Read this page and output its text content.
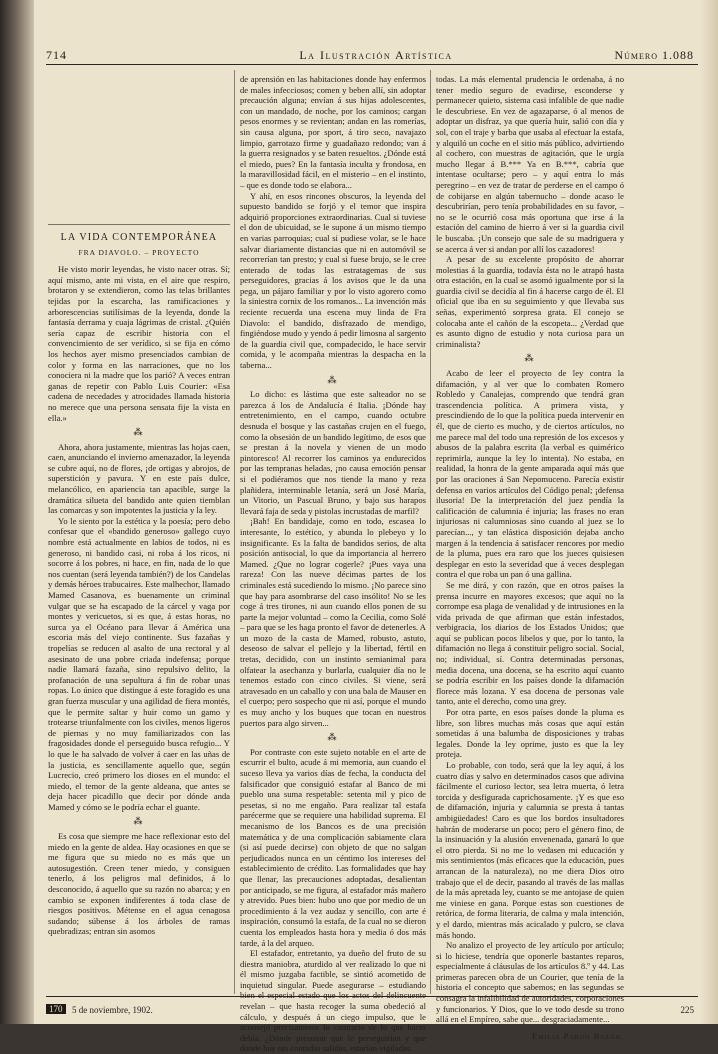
714	La Ilustración Artística	Número 1.088
LA VIDA CONTEMPORÁNEA
FRA DIAVOLO. – PROYECTO

He visto morir leyendas, he visto nacer otras. Sí; aquí mismo, ante mi vista, en el aire que respiro, brotaron y se extendieron, como las telas brillantes tejidas por la escarcha, las ramificaciones y arborescencias sutilísimas de la leyenda, donde la fantasía derrama y cuaja lágrimas de cristal. ¿Quién sería capaz de escribir historia con el convencimiento de ser verídico, si se fija en cómo los hechos ayer mismo presenciados cambian de color y forma en las narraciones, que no los conociera ni la madre que los parió? A veces entran ganas de repetir con Pablo Luis Courier: «Esa cadena de necedades y atrocidades llamada historia no merece que una persona sensata fije la vista en ella.»

⁂

Ahora, ahora justamente, mientras las hojas caen, caen, anunciando el invierno amenazador, la leyenda se cubre aquí, no de flores, ¡de ortigas y abrojos, de superstición y pavura. Y en este país dulce, melancólico, en apariencia tan apacible, surge la dramática silueta del bandido ante quien tiemblan las comarcas y son impotentes la justicia y la ley.

Yo le siento por la estética y la poesía; pero debo confesar que el «bandido generoso» gallego cuyo nombre está actualmente en labios de todos, ni es generoso, ni bandido casi, ni roba á los ricos, ni socorre á los pobres, ni hace, en fin, nada de lo que nos cuentan (será leyenda también?) de los Candelas y demás héroes trabucaires. Este malhechor, llamado Mamed Casanova, es buenamente un criminal vulgar que se ha escapado de la cárcel y vaga por montes y vericuetos, si es que, á estas horas, no surca ya el Océano para llevar á América una escoria más del viejo continente. Sus fazañas y tropelías se reducen al asalto de una rectoral y al asesinato de una pobre criada indefensa; porque nadie llamará fazaña, sino repulsivo delito, la profanación de una sepultura á fin de robar unas ropas. Lo único que distingue á este foragido es una gran fuerza muscular y una agilidad de fiera montés, que le permite saltar y huir como un gamo y trotearse triunfalmente con los civiles, menos ligeros de piernas y no muy familiarizados con las fragosidades donde el perseguido busca refugio... Y lo que le ha salvado de volver á caer en las uñas de la justicia, es sencillamente aquello que, según Lucrecio, creó primero los dioses en el mundo: el miedo, el temor de la gente aldeana, que antes se deja hacer picadillo que decir por dónde anda Mamed y cómo se le podría echar el guante.

⁂

Es cosa que siempre me hace reflexionar esto del miedo en la gente de aldea. Hay ocasiones en que se me figura que su miedo no es más que un autosugestión. Creen tener miedo, y consiguen tenerlo, á los peligros mal definidos, á lo desconocido, á aquello que su razón no abarca; y en cambio se exponen indiferentes á toda clase de riesgos positivos. Métense en el agua cenagosa sudando; súbense á los árboles de ramas quebradizas; entran sin asomos

de aprensión en las habitaciones donde hay enfermos de males infecciosos; comen y beben allí, sin adoptar precaución alguna; envían á sus hijas adolescentes, con un mandado, de noche, por los caminos; cargan pesos enormes y se revientan; andan en las romerías, sin causa alguna, por sport, á tiro seco, navajazo limpio, garrotazo firme y guadañazo redondo; van á la guerra resignados y se baten resueltos. ¿Dónde está el miedo, pues? En la fantasía inculta y frondosa, en la maravillosidad fácil, en el misterio – en el instinto, – que es donde todo se elabora...

Y ahí, en esos rincones obscuros, la leyenda del supuesto bandido se forjó y el temor que inspira adquirió proporciones extraordinarias. Cual si tuviese el don de ubicuidad, se le supone á un mismo tiempo en varias parroquias; cual si pudiese volar, se le hace salvar diariamente distancias que ni en automóvil se recorrerían tan presto; y cual si fuese brujo, se le cree enterado de todas las estratagemas de sus perseguidores, gracias á los avisos que le da una pega, un pájaro familiar y por lo visto agorero como la siniestra cornix de los romanos... La invención más reciente recuerda una escena muy linda de Fra Diavolo: el bandido, disfrazado de mendigo, fingiéndose mudo y yendo á pedir limosna al sargento de la guardia civil que, compadecido, le hace servir comida, y le acompaña mientras la despacha en la taberna...

⁂

Lo dicho: es lástima que este salteador no se parezca á los de Andalucía é Italia. ¡Dónde hay entretenimiento, en el campo, cuando octubre desnuda el bosque y las castañas crujen en el fuego, como la obsesión de un bandido legítimo, de esos que se prestan á la novela y vienen de un modo pintoresco! Al recorrer los caminos ya endurecidos por las tempranas heladas, ¡no causa emoción pensar si el podiéramos que nos tiende la mano y reza plañidera, interminable letanía, será un José María, un Vitorio, un Pascual Bruno, y bajo sus harapos llevará faja de seda y pistolas incrustadas de marfil?

¡Bah! En bandidaje, como en todo, escasea lo interesante, lo estético, y abunda lo plebeyo y lo insignificante. Es la falta de bandidos serios, de alta posición antisocial, lo que da importancia al herrero Mamed. ¿Que no lograr cogerle? ¡Pues vaya una rareza! Con las nueve décimas partes de los criminales está sucediendo lo mismo. ¡No parece sino que hay para asombrarse del caso insólito! No se les coge á tres tirones, ni aun cuando ellos ponen de su parte la mejor voluntad – como la Cecilia, como Solé – para que se les haga pronto el favor de detenerles. A un mozo de la casta de Mamed, robusto, astuto, deseoso de salvar el pellejo y la libertad, fértil en tretas, decidido, con un instinto semianimal para olfatear la asechanza y burlarla, cualquier día no le tenemos estado con cinco civiles. Si viene, será atravesado en un caballo y con una bala de Mauser en el cuerpo; pero sospecho que ni así, porque el mundo es muy ancho y los buques que tocan en nuestros puertos para algo sirven...

⁂

Por contraste con este sujeto notable en el arte de escurrir el bulto, acude á mi memoria, aun cuando el suceso lleva ya varios días de fecha, la conducta del falsificador que consiguió estafar al Banco de mi pueblo una suma respetable: setenta mil y pico de pesetas, si no me engaño. Para realizar tal estafa parécerme que se requiere una habilidad suprema. El mecanismo de los Bancos es de una precisión matemática y de una complicación sabiamente clara (si así puede decirse) con objeto de que no salgan perjudicados nunca en un céntimo los intereses del establecimiento de crédito. Las formalidades que hay que llenar, las precauciones adoptadas, desalientan por anticipado, se me figura, al estafador más mañero y atrevido. Pues bien: hubo uno que por medio de un procedimiento á la vez audaz y sencillo, con arte é inspiración, consumó la estafa, de la cual no se dieron cuenta los empleados hasta hora y media ó dos más tarde, á la del arqueo.

El estafador, entretanto, ya dueño del fruto de su diestra maniobra, aturdido al ver realizado lo que ni él mismo juzgaba factible, se sintió acometido de inquietud singular. Puede asegurarse – estudiando bien el especial estado que los actos del delincuente revelan – que hasta recoger la suma obedeció al cálculo, y después á un ciego impulso, que le aconsejó precisamente lo contrario de lo que hacer debía. ¿Dónde presumir que le perseguirían y que donde hay tan contadas salidas, estarían vigiladas

todas. La más elemental prudencia le ordenaba, á no tener medio seguro de evadirse, esconderse y permanecer quieto, sistema casi infalible de que nadie le descubriese. En vez de agazaparse, ó al menos de adoptar un disfraz, ya que quería huir, salió con día y sol, con el traje y barba que usaba al efectuar la estafa, y alquiló un coche en el sitio más público, advirtiendo al cochero, con muestras de agitación, que le urgía mucho llegar á B.*** Ya en B.***, cabría que intentase ocultarse; pero – y aquí entra lo más peregrino – en vez de tratar de perderse en el campo ó de cobijarse en algún tabernucho – donde acaso le descubrirían, pero tenía probabilidades en su favor, – no se le ocurrió cosa más oportuna que irse á la estación del camino de hierro á ver si la guardia civil le buscaba. ¡Un consejo que sale de su madriguera y se acerca á ver si andan por allí los cazadores!

A pesar de su excelente propósito de ahorrar molestias á la guardia, todavía ésta no le atrapó hasta otra estación, en la cual se asomó igualmente por si la guardia civil se decidía al fin á hacerse cargo de él. El oficial que iba en su seguimiento y que llevaba sus señas, experimentó sorpresa grata. El conejo se colocaba ante el cañón de la escopeta... ¿Verdad que es asunto digno de estudio y nota curiosa para un criminalista?

⁂

Acabo de leer el proyecto de ley contra la difamación, y al ver que lo combaten Romero Robledo y Canalejas, comprendo que tendrá gran trascendencia política. A primera vista, y prescindiendo de lo que la política pueda intervenir en él, que de cierto es mucho, y de ciertos artículos, no me parece mal del todo una represión de los excesos y abusos de la palabra escrita (la verbal es quimérico reprimirla, aunque la ley lo intenta). No estaba, en realidad, la honra de la gente amparada aquí más que por las oraciones á San Nepomuceno. Parecía existir defensa en varios artículos del Código penal; ¡defensa ilusoria! De la interpretación del juez pendía la calificación de calumnia é injuria; las frases no eran injuriosas ni calumniosas sino cuando al juez se lo parecían..., y tan elástica disposición dejaba ancho margen á la tendencia á satisfacer rencores por medio de la pluma, pues era raro que los jueces quisiesen desplegar en esto la severidad que á veces desplegan contra el que roba un pan ó una gallina.

Se me dirá, y con razón, que en otros países la prensa incurre en mayores excesos; que aquí no la corrompe esa plaga de venalidad y de intrusiones en la vida privada de que afirman que están infestados, verbigracia, los diarios de los Estados Unidos; que aquí se publican pocos libelos y que, por lo tanto, la difamación no llega á constituir peligro social. Social, no; individual, sí. Contra determinadas personas, media docena, una docena, se ha escrito aquí cuanto se podría escribir en los países donde la difamación florece más lozana. Y esa docena de personas vale tanto, ante el derecho, como una grey.

Por otra parte, en esos países donde la pluma es libre, son libres muchas más cosas que aquí están sometidas á una balumba de disposiciones y trabas legales. Donde la ley oprime, justo es que la ley proteja.

Lo probable, con todo, será que la ley aquí, á los cuatro días y salvo en determinados casos que adivina fácilmente el curioso lector, sea letra muerta, ó letra torcida y desfigurada caprichosamente. ¡Y es que eso de difamación, injuria y calumnia se presta á tantas ambigüedades! Caro es que los bordos insultadores habrán de moderarse un poco; pero el género fino, de la insinuación y la alusión envenenada, ganará lo que el otro pierda. Si no me lo vedasen mi educación y mis sentimientos (más eficaces que la educación, pues arrancan de la naturaleza), no me diera Dios otro trabajo que el de decir, pasando al través de las mallas de la más apretada ley, cuanto se me antojase de quien me viniese en gana. Porque estas son cuestiones de retórica, de forma literaria, de calma y mala intención, y el dardo, mientras más acicalado y pulcro, se clava más hondo.

No analizo el proyecto de ley artículo por artículo; si lo hiciese, tendría que oponerle bastantes reparos, especialmente á cláusulas de los artículos 8.º y 44. Las primeras parecen obra de un Courier, que tenía de la historia el concepto que sabemos; en las segundas se consagra la infalibilidad de autoridades, corporaciones y funcionarios. Y Dios, que lo ve todo desde su trono allá en el Empíreo, sabe que... desgraciadamente...

Emilia Pardo Bazán.
170	5 de noviembre, 1902.	225
